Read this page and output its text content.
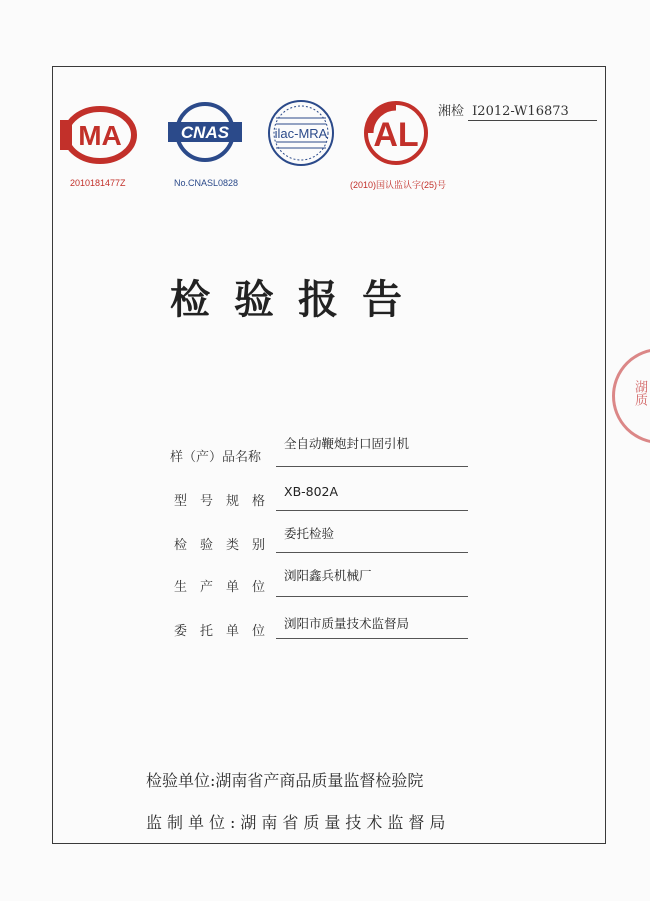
MA
2010181477Z
CNAS
No.CNASL0828
ilac-MRA AL
(2010)国认监认字(25)号
湘检 I2012-W16873
检验报告
样（产）品名称
全自动鞭炮封口固引机
型号规格
XB-802A
检验类别
委托检验
生产单位
浏阳鑫兵机械厂
委托单位
浏阳市质量技术监督局
检验单位:湖南省产商品质量监督检验院
监制单位:湖南省质量技术监督局
湖质
